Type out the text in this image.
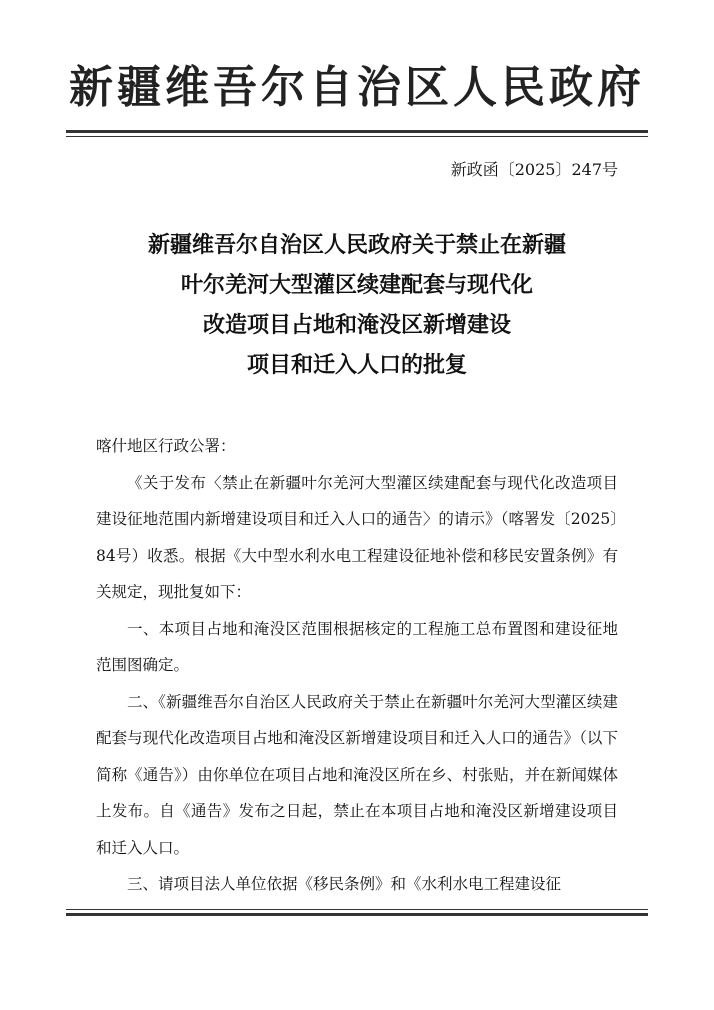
新疆维吾尔自治区人民政府
新政函〔2025〕247号
新疆维吾尔自治区人民政府关于禁止在新疆
叶尔羌河大型灌区续建配套与现代化
改造项目占地和淹没区新增建设
项目和迁入人口的批复

喀什地区行政公署：

《关于发布〈禁止在新疆叶尔羌河大型灌区续建配套与现代化改造项目建设征地范围内新增建设项目和迁入人口的通告〉的请示》（喀署发〔2025〕84号）收悉。根据《大中型水利水电工程建设征地补偿和移民安置条例》有关规定，现批复如下：

一、本项目占地和淹没区范围根据核定的工程施工总布置图和建设征地范围图确定。

二、《新疆维吾尔自治区人民政府关于禁止在新疆叶尔羌河大型灌区续建配套与现代化改造项目占地和淹没区新增建设项目和迁入人口的通告》（以下简称《通告》）由你单位在项目占地和淹没区所在乡、村张贴，并在新闻媒体上发布。自《通告》发布之日起，禁止在本项目占地和淹没区新增建设项目和迁入人口。

三、请项目法人单位依据《移民条例》和《水利水电工程建设征
